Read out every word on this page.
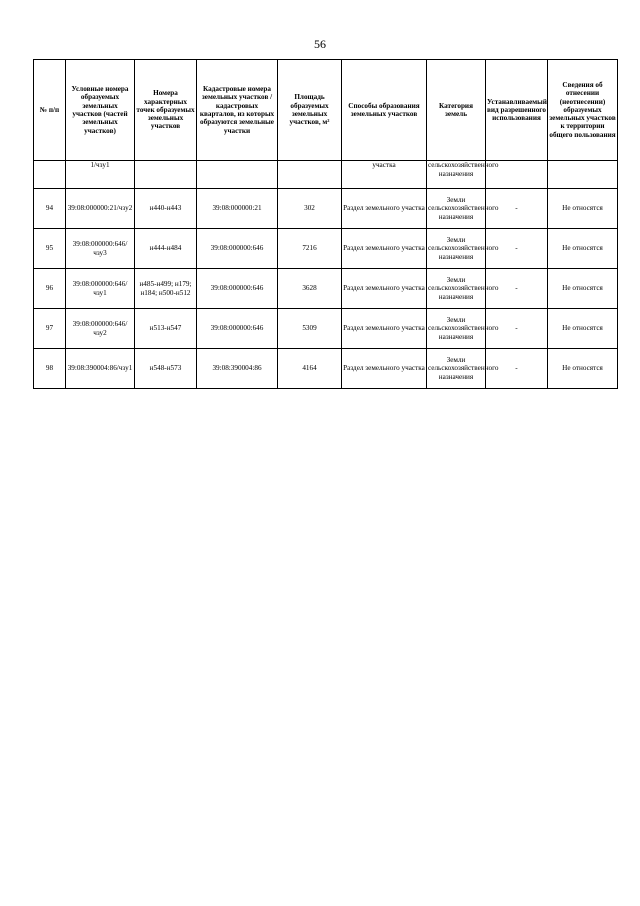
56
№ п/п	Условные номера образуемых земельных участков (частей земельных участков)	Номера характерных точек образуемых земельных участков	Кадастровые номера земельных участков / кадастровых кварталов, из которых образуются земельные участки	Площадь образуемых земельных участков, м²	Способы образования земельных участков	Категория земель	Устанавливаемый вид разрешенного использования	Сведения об отнесении (неотнесении) образуемых земельных участков к территории общего пользования
	1/чзу1				участка	сельскохозяйственного назначения		
94	39:08:000000:21/чзу2	н440-н443	39:08:000000:21	302	Раздел земельного участка	Земли сельскохозяйственного назначения	-	Не относятся
95	39:08:000000:646/чзу3	н444-н484	39:08:000000:646	7216	Раздел земельного участка	Земли сельскохозяйственного назначения	-	Не относятся
96	39:08:000000:646/чзу1	н485-н499; н179; н184; н500-н512	39:08:000000:646	3628	Раздел земельного участка	Земли сельскохозяйственного назначения	-	Не относятся
97	39:08:000000:646/чзу2	н513-н547	39:08:000000:646	5309	Раздел земельного участка	Земли сельскохозяйственного назначения	-	Не относятся
98	39:08:390004:86/чзу1	н548-н573	39:08:390004:86	4164	Раздел земельного участка	Земли сельскохозяйственного назначения	-	Не относятся
